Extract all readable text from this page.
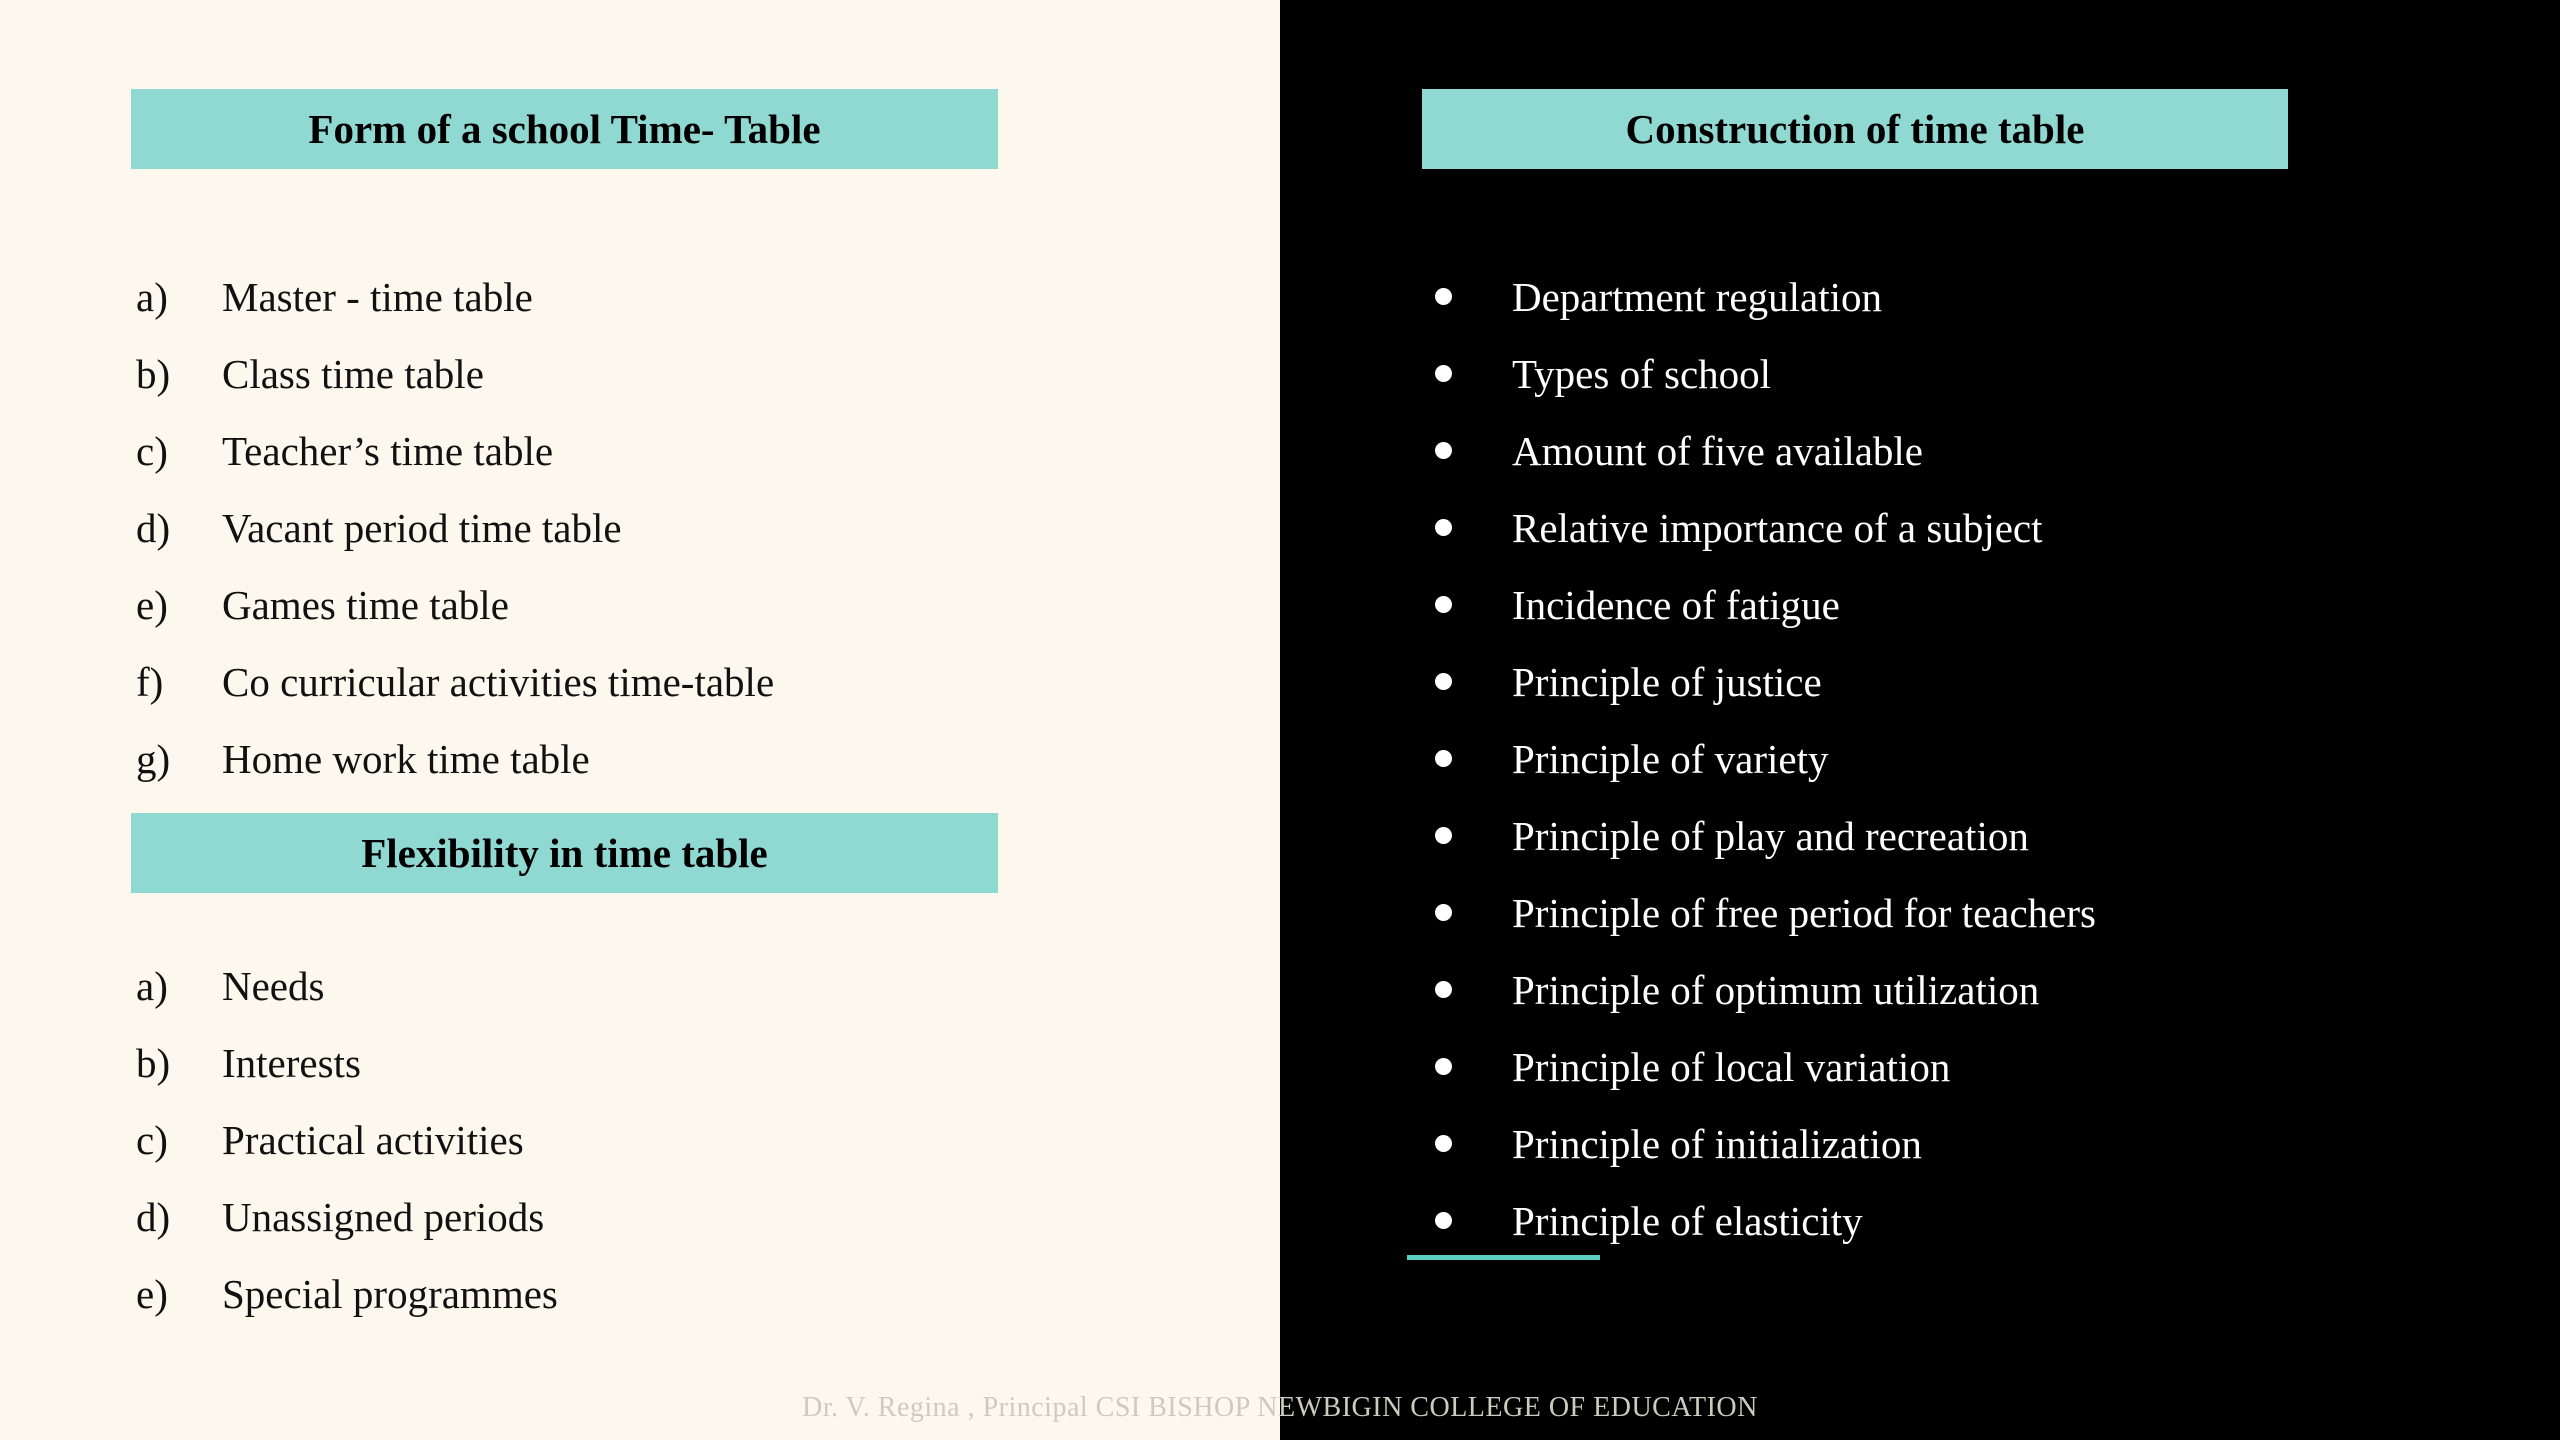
Form of a school Time- Table
a)	Master - time table
b)	Class time table
c)	Teacher’s time table
d)	Vacant period time table
e)	Games time table
f)	Co curricular activities time-table
g)	Home work time table
Flexibility in time table
a)	Needs
b)	Interests
c)	Practical activities
d)	Unassigned periods
e)	Special programmes
Construction of time table
Department regulation
Types of school
Amount of five available
Relative importance of a subject
Incidence of fatigue
Principle of justice
Principle of variety
Principle of play and recreation
Principle of free period for teachers
Principle of optimum utilization
Principle of local variation
Principle of initialization
Principle of elasticity
Dr. V. Regina , Principal CSI BISHOP NEWBIGIN COLLEGE OF EDUCATION
